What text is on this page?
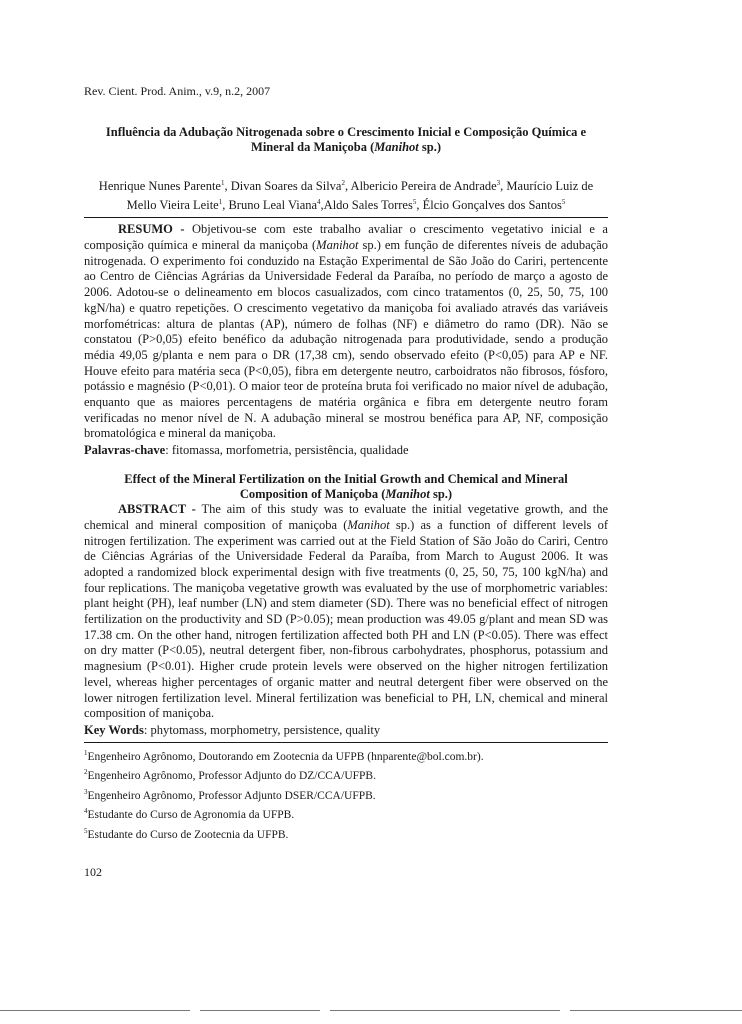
Rev. Cient. Prod. Anim., v.9, n.2, 2007
Influência da Adubação Nitrogenada sobre o Crescimento Inicial e Composição Química e
Mineral da Maniçoba (Manihot sp.)
Henrique Nunes Parente$^1$, Divan Soares da Silva$^2$, Albericio Pereira de Andrade$^3$, Maurício Luiz de Mello Vieira Leite$^1$, Bruno Leal Viana$^4$,Aldo Sales Torres$^5$, Élcio Gonçalves dos Santos$^5$

RESUMO - Objetivou-se com este trabalho avaliar o crescimento vegetativo inicial e a composição química e mineral da maniçoba (Manihot sp.) em função de diferentes níveis de adubação nitrogenada. O experimento foi conduzido na Estação Experimental de São João do Cariri, pertencente ao Centro de Ciências Agrárias da Universidade Federal da Paraíba, no período de março a agosto de 2006. Adotou-se o delineamento em blocos casualizados, com cinco tratamentos (0, 25, 50, 75, 100 kgN/ha) e quatro repetições. O crescimento vegetativo da maniçoba foi avaliado através das variáveis morfométricas: altura de plantas (AP), número de folhas (NF) e diâmetro do ramo (DR). Não se constatou (P>0,05) efeito benéfico da adubação nitrogenada para produtividade, sendo a produção média 49,05 g/planta e nem para o DR (17,38 cm), sendo observado efeito (P<0,05) para AP e NF. Houve efeito para matéria seca (P<0,05), fibra em detergente neutro, carboidratos não fibrosos, fósforo, potássio e magnésio (P<0,01). O maior teor de proteína bruta foi verificado no maior nível de adubação, enquanto que as maiores percentagens de matéria orgânica e fibra em detergente neutro foram verificadas no menor nível de N. A adubação mineral se mostrou benéfica para AP, NF, composição bromatológica e mineral da maniçoba.

Palavras-chave: fitomassa, morfometria, persistência, qualidade

Effect of the Mineral Fertilization on the Initial Growth and Chemical and Mineral
Composition of Maniçoba (Manihot sp.)

ABSTRACT - The aim of this study was to evaluate the initial vegetative growth, and the chemical and mineral composition of maniçoba (Manihot sp.) as a function of different levels of nitrogen fertilization. The experiment was carried out at the Field Station of São João do Cariri, Centro de Ciências Agrárias of the Universidade Federal da Paraíba, from March to August 2006. It was adopted a randomized block experimental design with five treatments (0, 25, 50, 75, 100 kgN/ha) and four replications. The maniçoba vegetative growth was evaluated by the use of morphometric variables: plant height (PH), leaf number (LN) and stem diameter (SD). There was no beneficial effect of nitrogen fertilization on the productivity and SD (P>0.05); mean production was 49.05 g/plant and mean SD was 17.38 cm. On the other hand, nitrogen fertilization affected both PH and LN (P<0.05). There was effect on dry matter (P<0.05), neutral detergent fiber, non-fibrous carbohydrates, phosphorus, potassium and magnesium (P<0.01). Higher crude protein levels were observed on the higher nitrogen fertilization level, whereas higher percentages of organic matter and neutral detergent fiber were observed on the lower nitrogen fertilization level. Mineral fertilization was beneficial to PH, LN, chemical and mineral composition of maniçoba.

Key Words: phytomass, morphometry, persistence, quality

$^1$Engenheiro Agrônomo, Doutorando em Zootecnia da UFPB (hnparente@bol.com.br).

$^2$Engenheiro Agrônomo, Professor Adjunto do DZ/CCA/UFPB.

$^3$Engenheiro Agrônomo, Professor Adjunto DSER/CCA/UFPB.

$^4$Estudante do Curso de Agronomia da UFPB.

$^5$Estudante do Curso de Zootecnia da UFPB.

102
